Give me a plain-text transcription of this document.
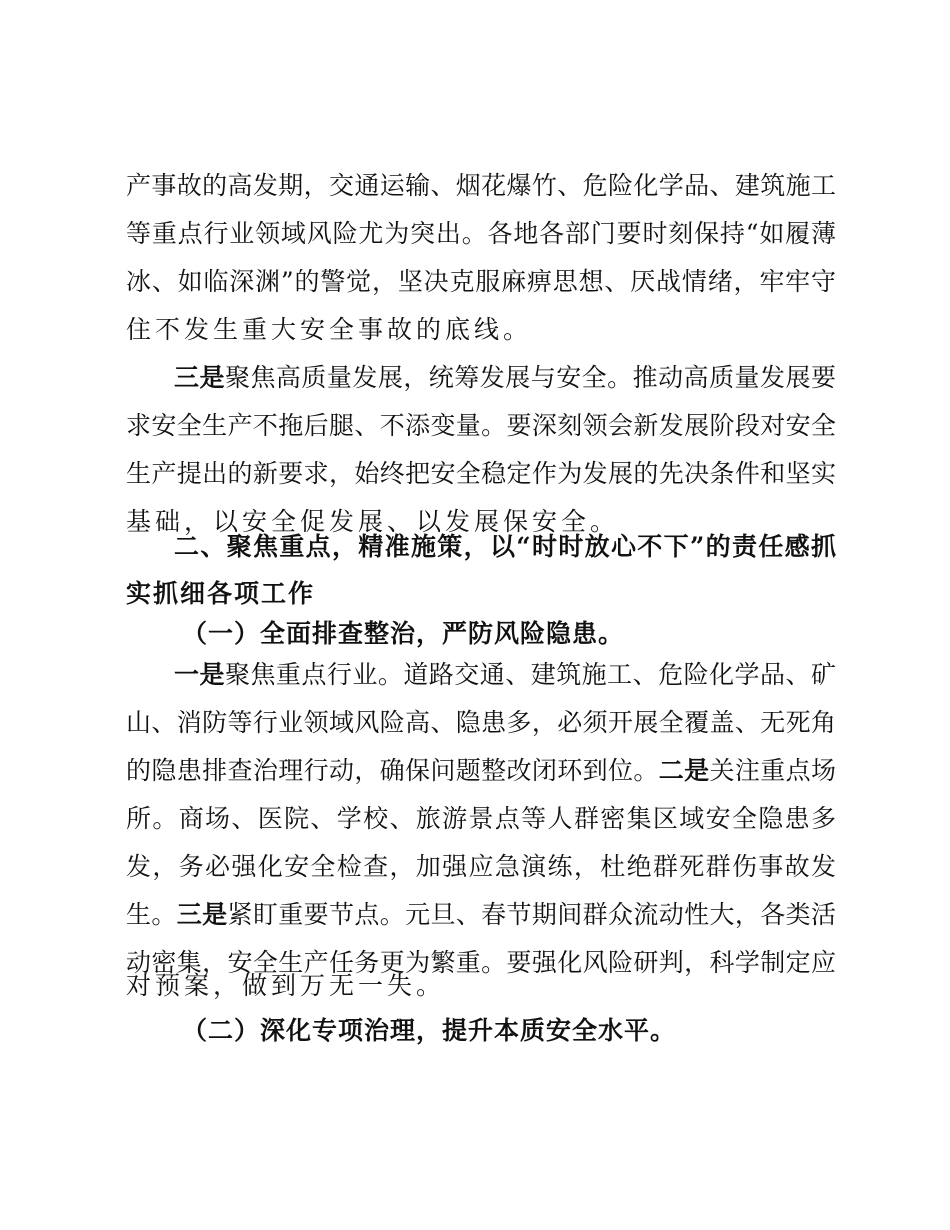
产事故的高发期，交通运输、烟花爆竹、危险化学品、建筑施工
等重点行业领域风险尤为突出。各地各部门要时刻保持“如履薄
冰、如临深渊”的警觉，坚决克服麻痹思想、厌战情绪，牢牢守
住不发生重大安全事故的底线。
三是聚焦高质量发展，统筹发展与安全。推动高质量发展要
求安全生产不拖后腿、不添变量。要深刻领会新发展阶段对安全
生产提出的新要求，始终把安全稳定作为发展的先决条件和坚实
基础，以安全促发展、以发展保安全。
二、聚焦重点，精准施策，以“时时放心不下”的责任感抓
实抓细各项工作
（一）全面排查整治，严防风险隐患。
一是聚焦重点行业。道路交通、建筑施工、危险化学品、矿
山、消防等行业领域风险高、隐患多，必须开展全覆盖、无死角
的隐患排查治理行动，确保问题整改闭环到位。二是关注重点场
所。商场、医院、学校、旅游景点等人群密集区域安全隐患多
发，务必强化安全检查，加强应急演练，杜绝群死群伤事故发
生。三是紧盯重要节点。元旦、春节期间群众流动性大，各类活
动密集，安全生产任务更为繁重。要强化风险研判，科学制定应
对预案，做到万无一失。
（二）深化专项治理，提升本质安全水平。
